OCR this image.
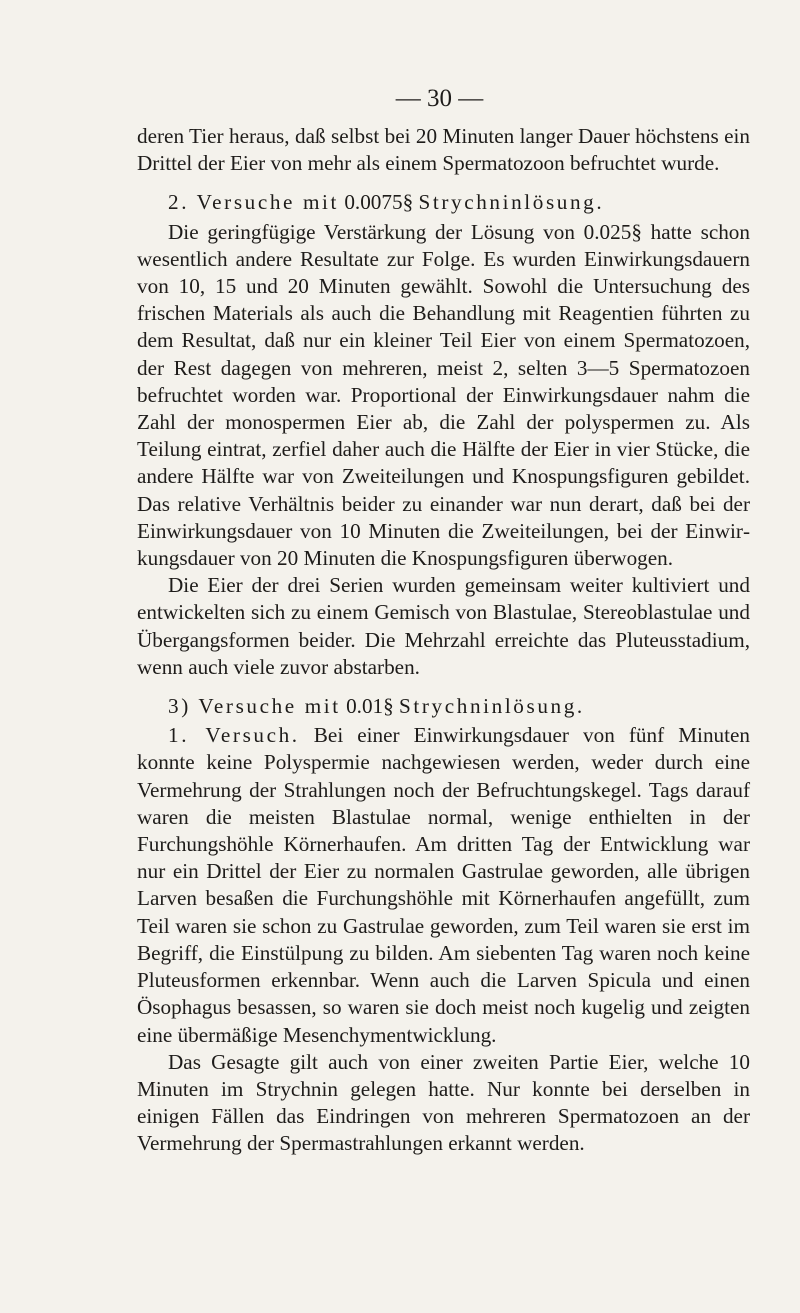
— 30 —

deren Tier heraus, daß selbst bei 20 Minuten langer Dauer höchstens ein Drittel der Eier von mehr als einem Spermatozoon befruchtet wurde.

2. Versuche mit 0.0075§ Strychninlösung.

Die geringfügige Verstärkung der Lösung von 0.025§ hatte schon wesentlich andere Resultate zur Folge. Es wurden Einwirkungsdauern von 10, 15 und 20 Minuten gewählt. Sowohl die Untersuchung des frischen Materials als auch die Behandlung mit Reagentien führten zu dem Resultat, daß nur ein kleiner Teil Eier von einem Spermatozoen, der Rest dagegen von mehreren, meist 2, selten 3—5 Spermatozoen befruchtet worden war. Proportional der Einwirkungsdauer nahm die Zahl der monospermen Eier ab, die Zahl der polyspermen zu. Als Teilung eintrat, zerfiel daher auch die Hälfte der Eier in vier Stücke, die andere Hälfte war von Zweiteilungen und Knospungsfiguren gebildet. Das relative Verhältnis beider zu einander war nun derart, daß bei der Einwirkungsdauer von 10 Minuten die Zweiteilungen, bei der Einwirkungsdauer von 20 Minuten die Knospungsfiguren überwogen.

Die Eier der drei Serien wurden gemeinsam weiter kultiviert und entwickelten sich zu einem Gemisch von Blastulae, Stereoblastulae und Übergangsformen beider. Die Mehrzahl erreichte das Pluteusstadium, wenn auch viele zuvor abstarben.

3) Versuche mit 0.01§ Strychninlösung.

1. Versuch. Bei einer Einwirkungsdauer von fünf Minuten konnte keine Polyspermie nachgewiesen werden, weder durch eine Vermehrung der Strahlungen noch der Befruchtungskegel. Tags darauf waren die meisten Blastulae normal, wenige enthielten in der Furchungshöhle Körnerhaufen. Am dritten Tag der Entwicklung war nur ein Drittel der Eier zu normalen Gastrulae geworden, alle übrigen Larven besaßen die Furchungshöhle mit Körnerhaufen angefüllt, zum Teil waren sie schon zu Gastrulae geworden, zum Teil waren sie erst im Begriff, die Einstülpung zu bilden. Am siebenten Tag waren noch keine Pluteusformen erkennbar. Wenn auch die Larven Spicula und einen Ösophagus besassen, so waren sie doch meist noch kugelig und zeigten eine übermäßige Mesenchymentwicklung.

Das Gesagte gilt auch von einer zweiten Partie Eier, welche 10 Minuten im Strychnin gelegen hatte. Nur konnte bei derselben in einigen Fällen das Eindringen von mehreren Spermatozoen an der Vermehrung der Spermastrahlungen erkannt werden.
